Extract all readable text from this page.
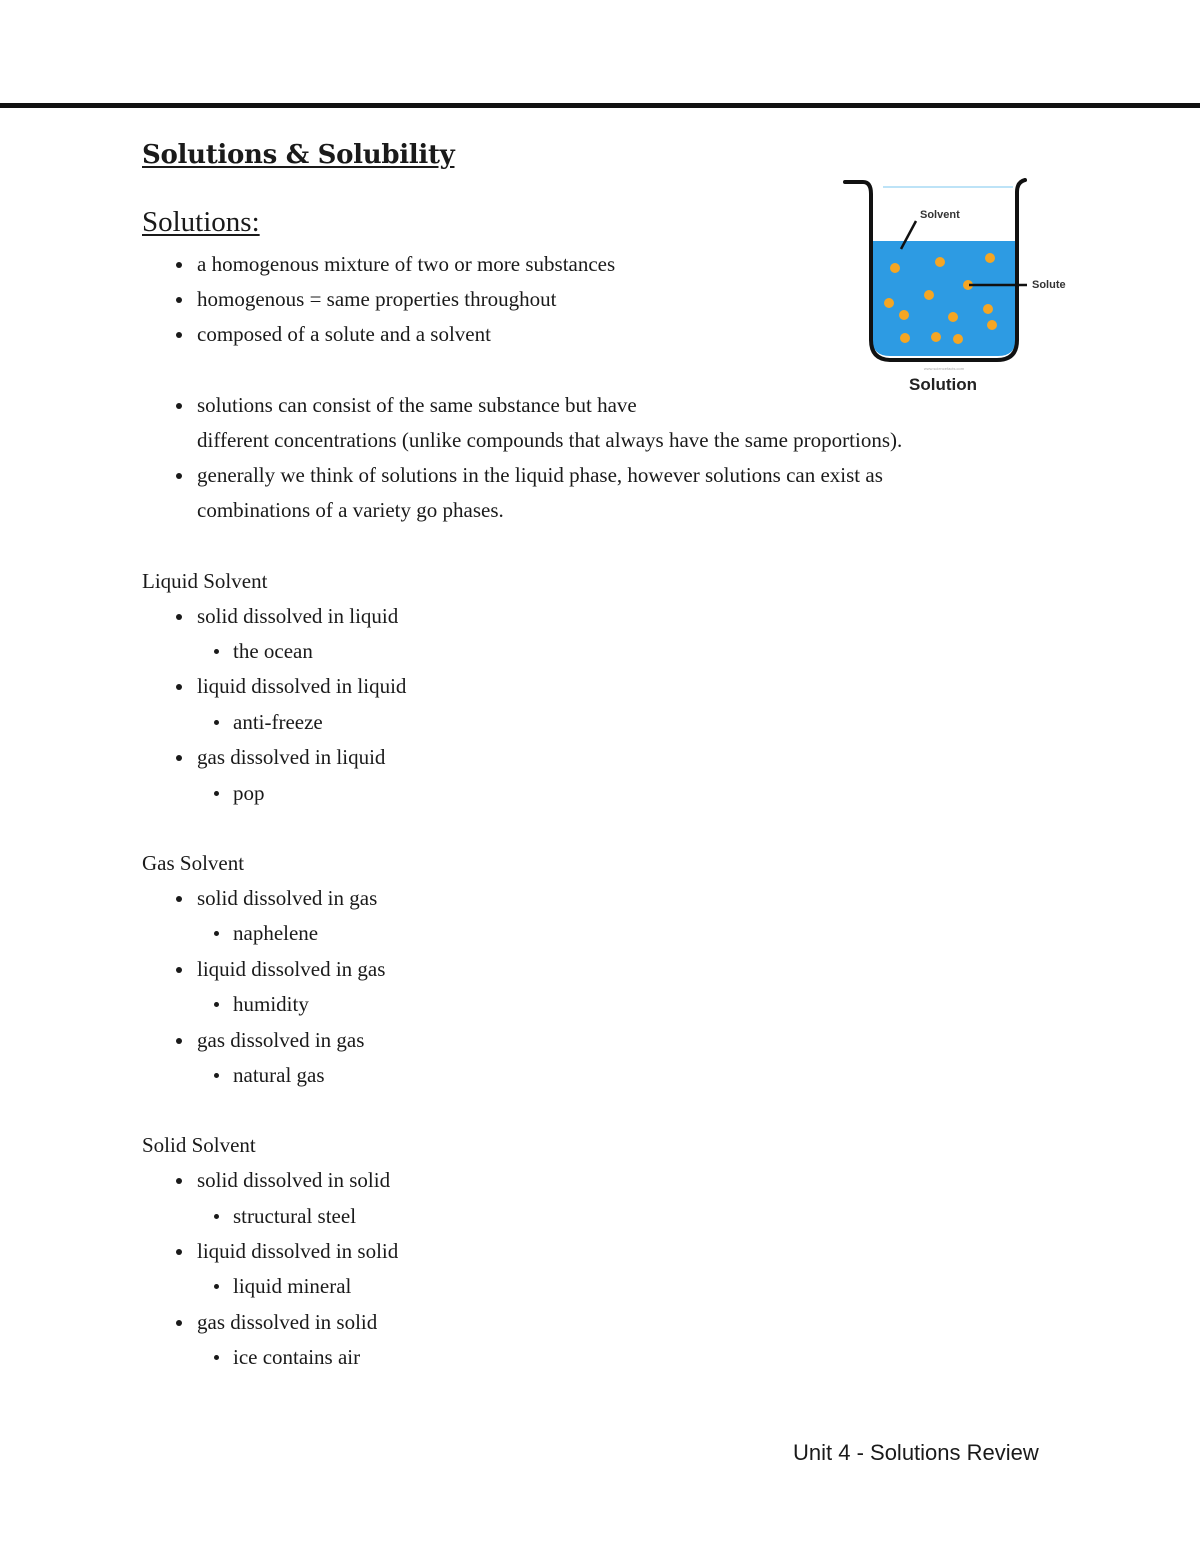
Solutions & Solubility
Solutions:
a homogenous mixture of two or more substances
homogenous = same properties throughout
composed of a solute and a solvent
solutions can consist of the same substance but have
different concentrations (unlike compounds that always have the same proportions).
generally we think of solutions in the liquid phase, however solutions can exist as
combinations of a variety go phases.
Solvent
Solute
www.sciencefacts.com
Solution
Liquid Solvent
solid dissolved in liquid
the ocean
liquid dissolved in liquid
anti-freeze
gas dissolved in liquid
pop
Gas Solvent
solid dissolved in gas
naphelene
liquid dissolved in gas
humidity
gas dissolved in gas
natural gas
Solid Solvent
solid dissolved in solid
structural steel
liquid dissolved in solid
liquid mineral
gas dissolved in solid
ice contains air
Unit 4 - Solutions Review
